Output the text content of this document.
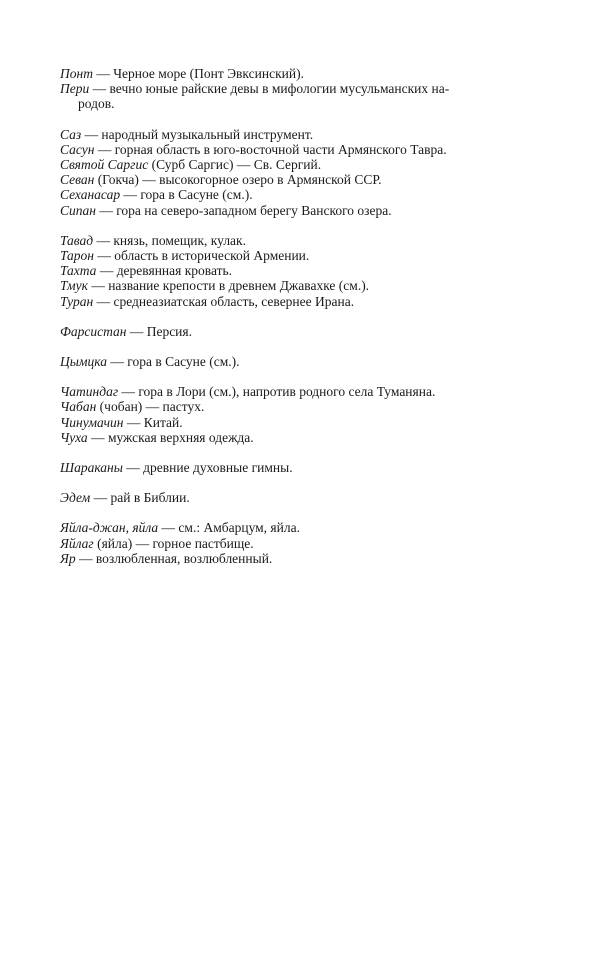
Понт — Черное море (Понт Эвксинский).
Пери — вечно юные райские девы в мифологии мусульманских на-
родов.
Саз — народный музыкальный инструмент.
Сасун — горная область в юго-восточной части Армянского Тавра.
Святой Саргис (Сурб Саргис) — Св. Сергий.
Севан (Гокча) — высокогорное озеро в Армянской ССР.
Сеханасар — гора в Сасуне (см.).
Сипан — гора на северо-западном берегу Ванского озера.
Тавад — князь, помещик, кулак.
Тарон — область в исторической Армении.
Тахта — деревянная кровать.
Тмук — название крепости в древнем Джавахке (см.).
Туран — среднеазиатская область, севернее Ирана.
Фарсистан — Персия.
Цымцка — гора в Сасуне (см.).
Чатиндаг — гора в Лори (см.), напротив родного села Туманяна.
Чабан (чобан) — пастух.
Чинумачин — Китай.
Чуха — мужская верхняя одежда.
Шараканы — древние духовные гимны.
Эдем — рай в Библии.
Яйла-джан, яйла — см.: Амбарцум, яйла.
Яйлаг (яйла) — горное пастбище.
Яр — возлюбленная, возлюбленный.
